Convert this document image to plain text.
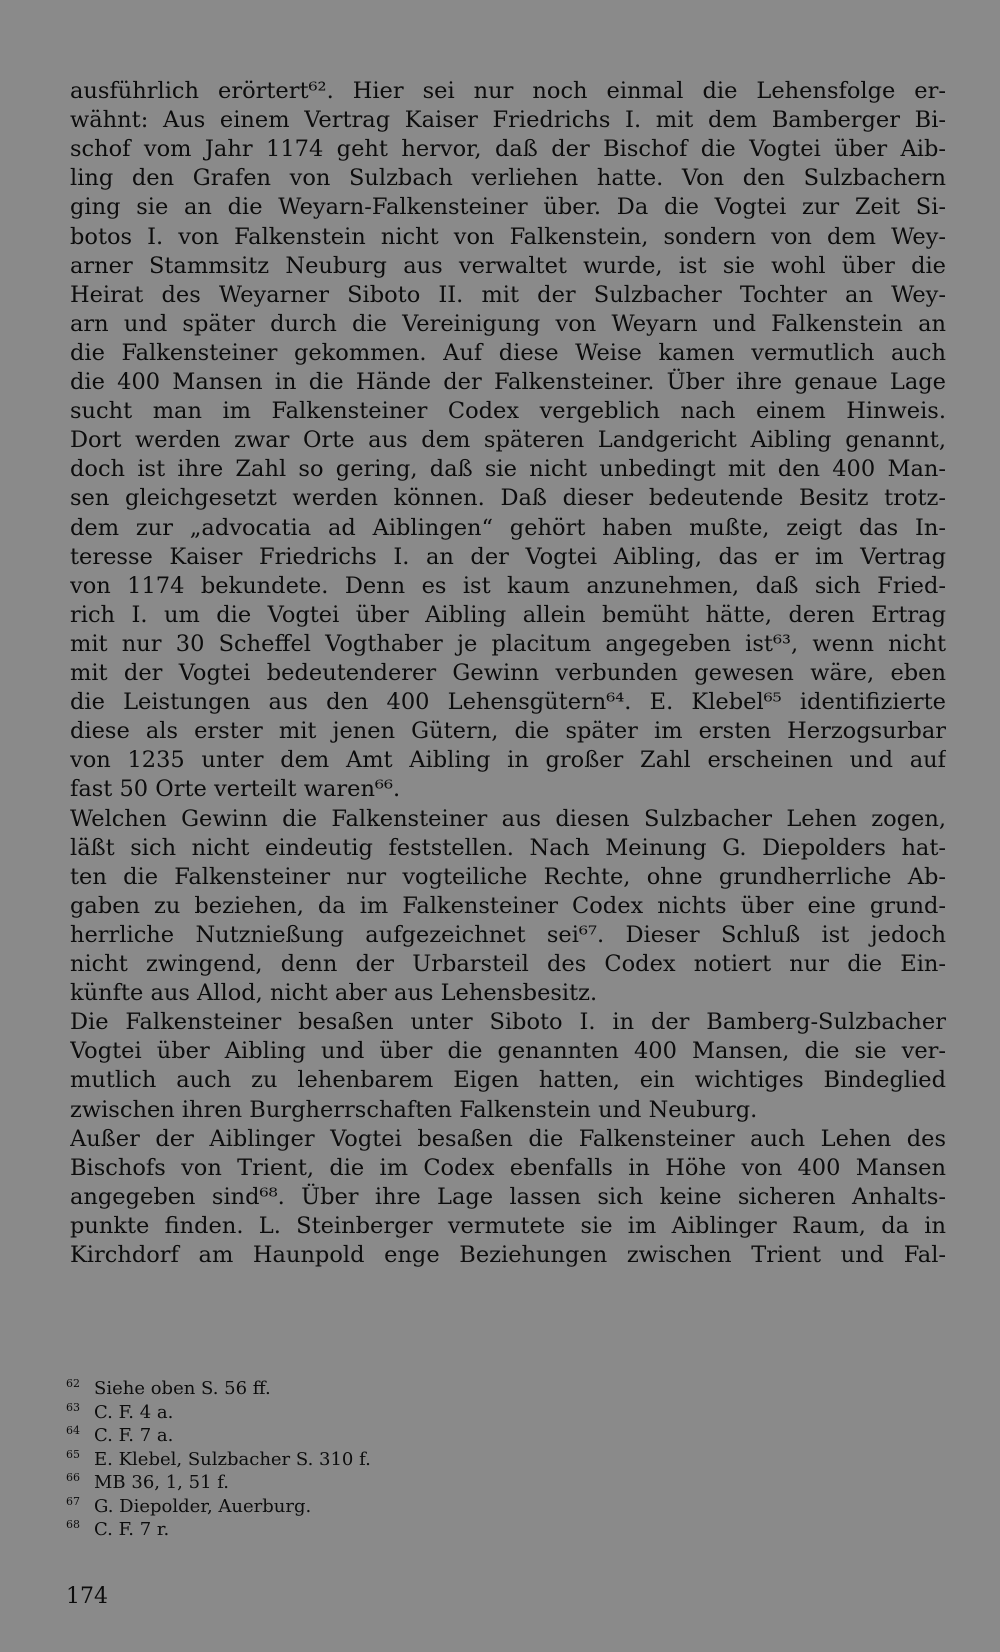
ausführlich erörtert⁶². Hier sei nur noch einmal die Lehensfolge er-
wähnt: Aus einem Vertrag Kaiser Friedrichs I. mit dem Bamberger Bi-
schof vom Jahr 1174 geht hervor, daß der Bischof die Vogtei über Aib-
ling den Grafen von Sulzbach verliehen hatte. Von den Sulzbachern
ging sie an die Weyarn-Falkensteiner über. Da die Vogtei zur Zeit Si-
botos I. von Falkenstein nicht von Falkenstein, sondern von dem Wey-
arner Stammsitz Neuburg aus verwaltet wurde, ist sie wohl über die
Heirat des Weyarner Siboto II. mit der Sulzbacher Tochter an Wey-
arn und später durch die Vereinigung von Weyarn und Falkenstein an
die Falkensteiner gekommen. Auf diese Weise kamen vermutlich auch
die 400 Mansen in die Hände der Falkensteiner. Über ihre genaue Lage
sucht man im Falkensteiner Codex vergeblich nach einem Hinweis.
Dort werden zwar Orte aus dem späteren Landgericht Aibling genannt,
doch ist ihre Zahl so gering, daß sie nicht unbedingt mit den 400 Man-
sen gleichgesetzt werden können. Daß dieser bedeutende Besitz trotz-
dem zur „advocatia ad Aiblingen“ gehört haben mußte, zeigt das In-
teresse Kaiser Friedrichs I. an der Vogtei Aibling, das er im Vertrag
von 1174 bekundete. Denn es ist kaum anzunehmen, daß sich Fried-
rich I. um die Vogtei über Aibling allein bemüht hätte, deren Ertrag
mit nur 30 Scheffel Vogthaber je placitum angegeben ist⁶³, wenn nicht
mit der Vogtei bedeutenderer Gewinn verbunden gewesen wäre, eben
die Leistungen aus den 400 Lehensgütern⁶⁴. E. Klebel⁶⁵ identifizierte
diese als erster mit jenen Gütern, die später im ersten Herzogsurbar
von 1235 unter dem Amt Aibling in großer Zahl erscheinen und auf
fast 50 Orte verteilt waren⁶⁶.
Welchen Gewinn die Falkensteiner aus diesen Sulzbacher Lehen zogen,
läßt sich nicht eindeutig feststellen. Nach Meinung G. Diepolders hat-
ten die Falkensteiner nur vogteiliche Rechte, ohne grundherrliche Ab-
gaben zu beziehen, da im Falkensteiner Codex nichts über eine grund-
herrliche Nutznießung aufgezeichnet sei⁶⁷. Dieser Schluß ist jedoch
nicht zwingend, denn der Urbarsteil des Codex notiert nur die Ein-
künfte aus Allod, nicht aber aus Lehensbesitz.
Die Falkensteiner besaßen unter Siboto I. in der Bamberg-Sulzbacher
Vogtei über Aibling und über die genannten 400 Mansen, die sie ver-
mutlich auch zu lehenbarem Eigen hatten, ein wichtiges Bindeglied
zwischen ihren Burgherrschaften Falkenstein und Neuburg.
Außer der Aiblinger Vogtei besaßen die Falkensteiner auch Lehen des
Bischofs von Trient, die im Codex ebenfalls in Höhe von 400 Mansen
angegeben sind⁶⁸. Über ihre Lage lassen sich keine sicheren Anhalts-
punkte finden. L. Steinberger vermutete sie im Aiblinger Raum, da in
Kirchdorf am Haunpold enge Beziehungen zwischen Trient und Fal-
62 Siehe oben S. 56 ff.
63 C. F. 4 a.
64 C. F. 7 a.
65 E. Klebel, Sulzbacher S. 310 f.
66 MB 36, 1, 51 f.
67 G. Diepolder, Auerburg.
68 C. F. 7 r.
174
